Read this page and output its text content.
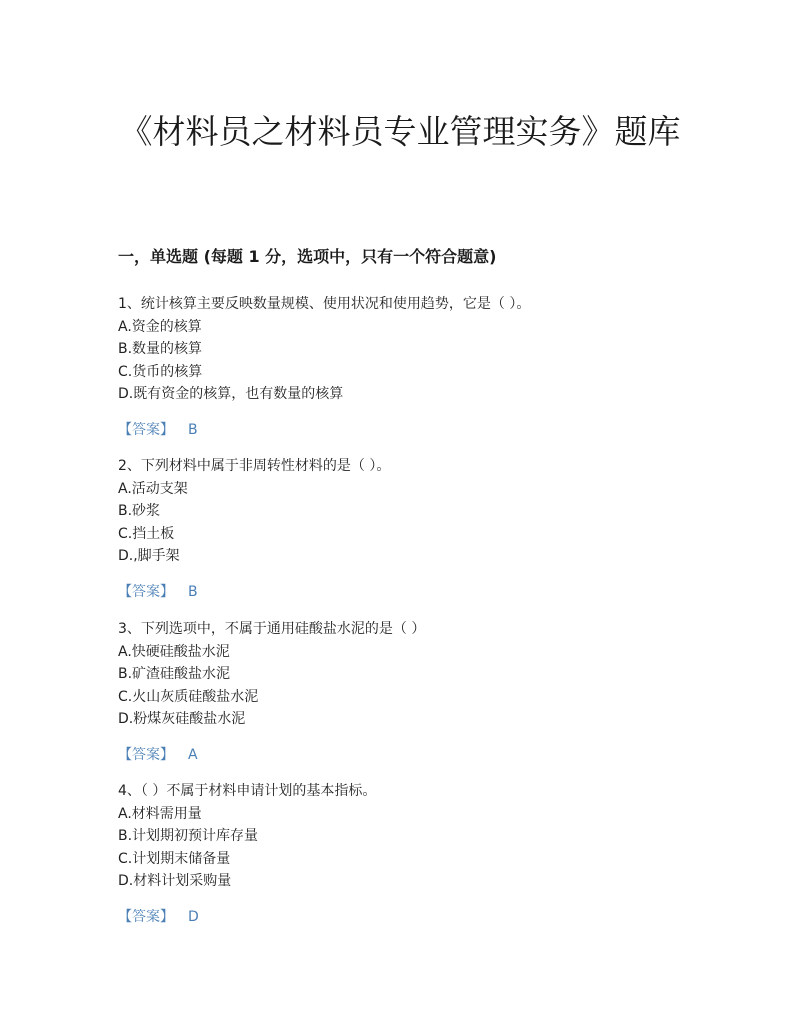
《材料员之材料员专业管理实务》题库
一，单选题 (每题 1 分，选项中，只有一个符合题意)
1、统计核算主要反映数量规模、使用状况和使用趋势，它是（ ）。
A.资金的核算
B.数量的核算
C.货币的核算
D.既有资金的核算，也有数量的核算
【答案】 B
2、下列材料中属于非周转性材料的是（ ）。
A.活动支架
B.砂浆
C.挡土板
D.,脚手架
【答案】 B
3、下列选项中，不属于通用硅酸盐水泥的是（ ）
A.快硬硅酸盐水泥
B.矿渣硅酸盐水泥
C.火山灰质硅酸盐水泥
D.粉煤灰硅酸盐水泥
【答案】 A
4、（ ）不属于材料申请计划的基本指标。
A.材料需用量
B.计划期初预计库存量
C.计划期末储备量
D.材料计划采购量
【答案】 D
